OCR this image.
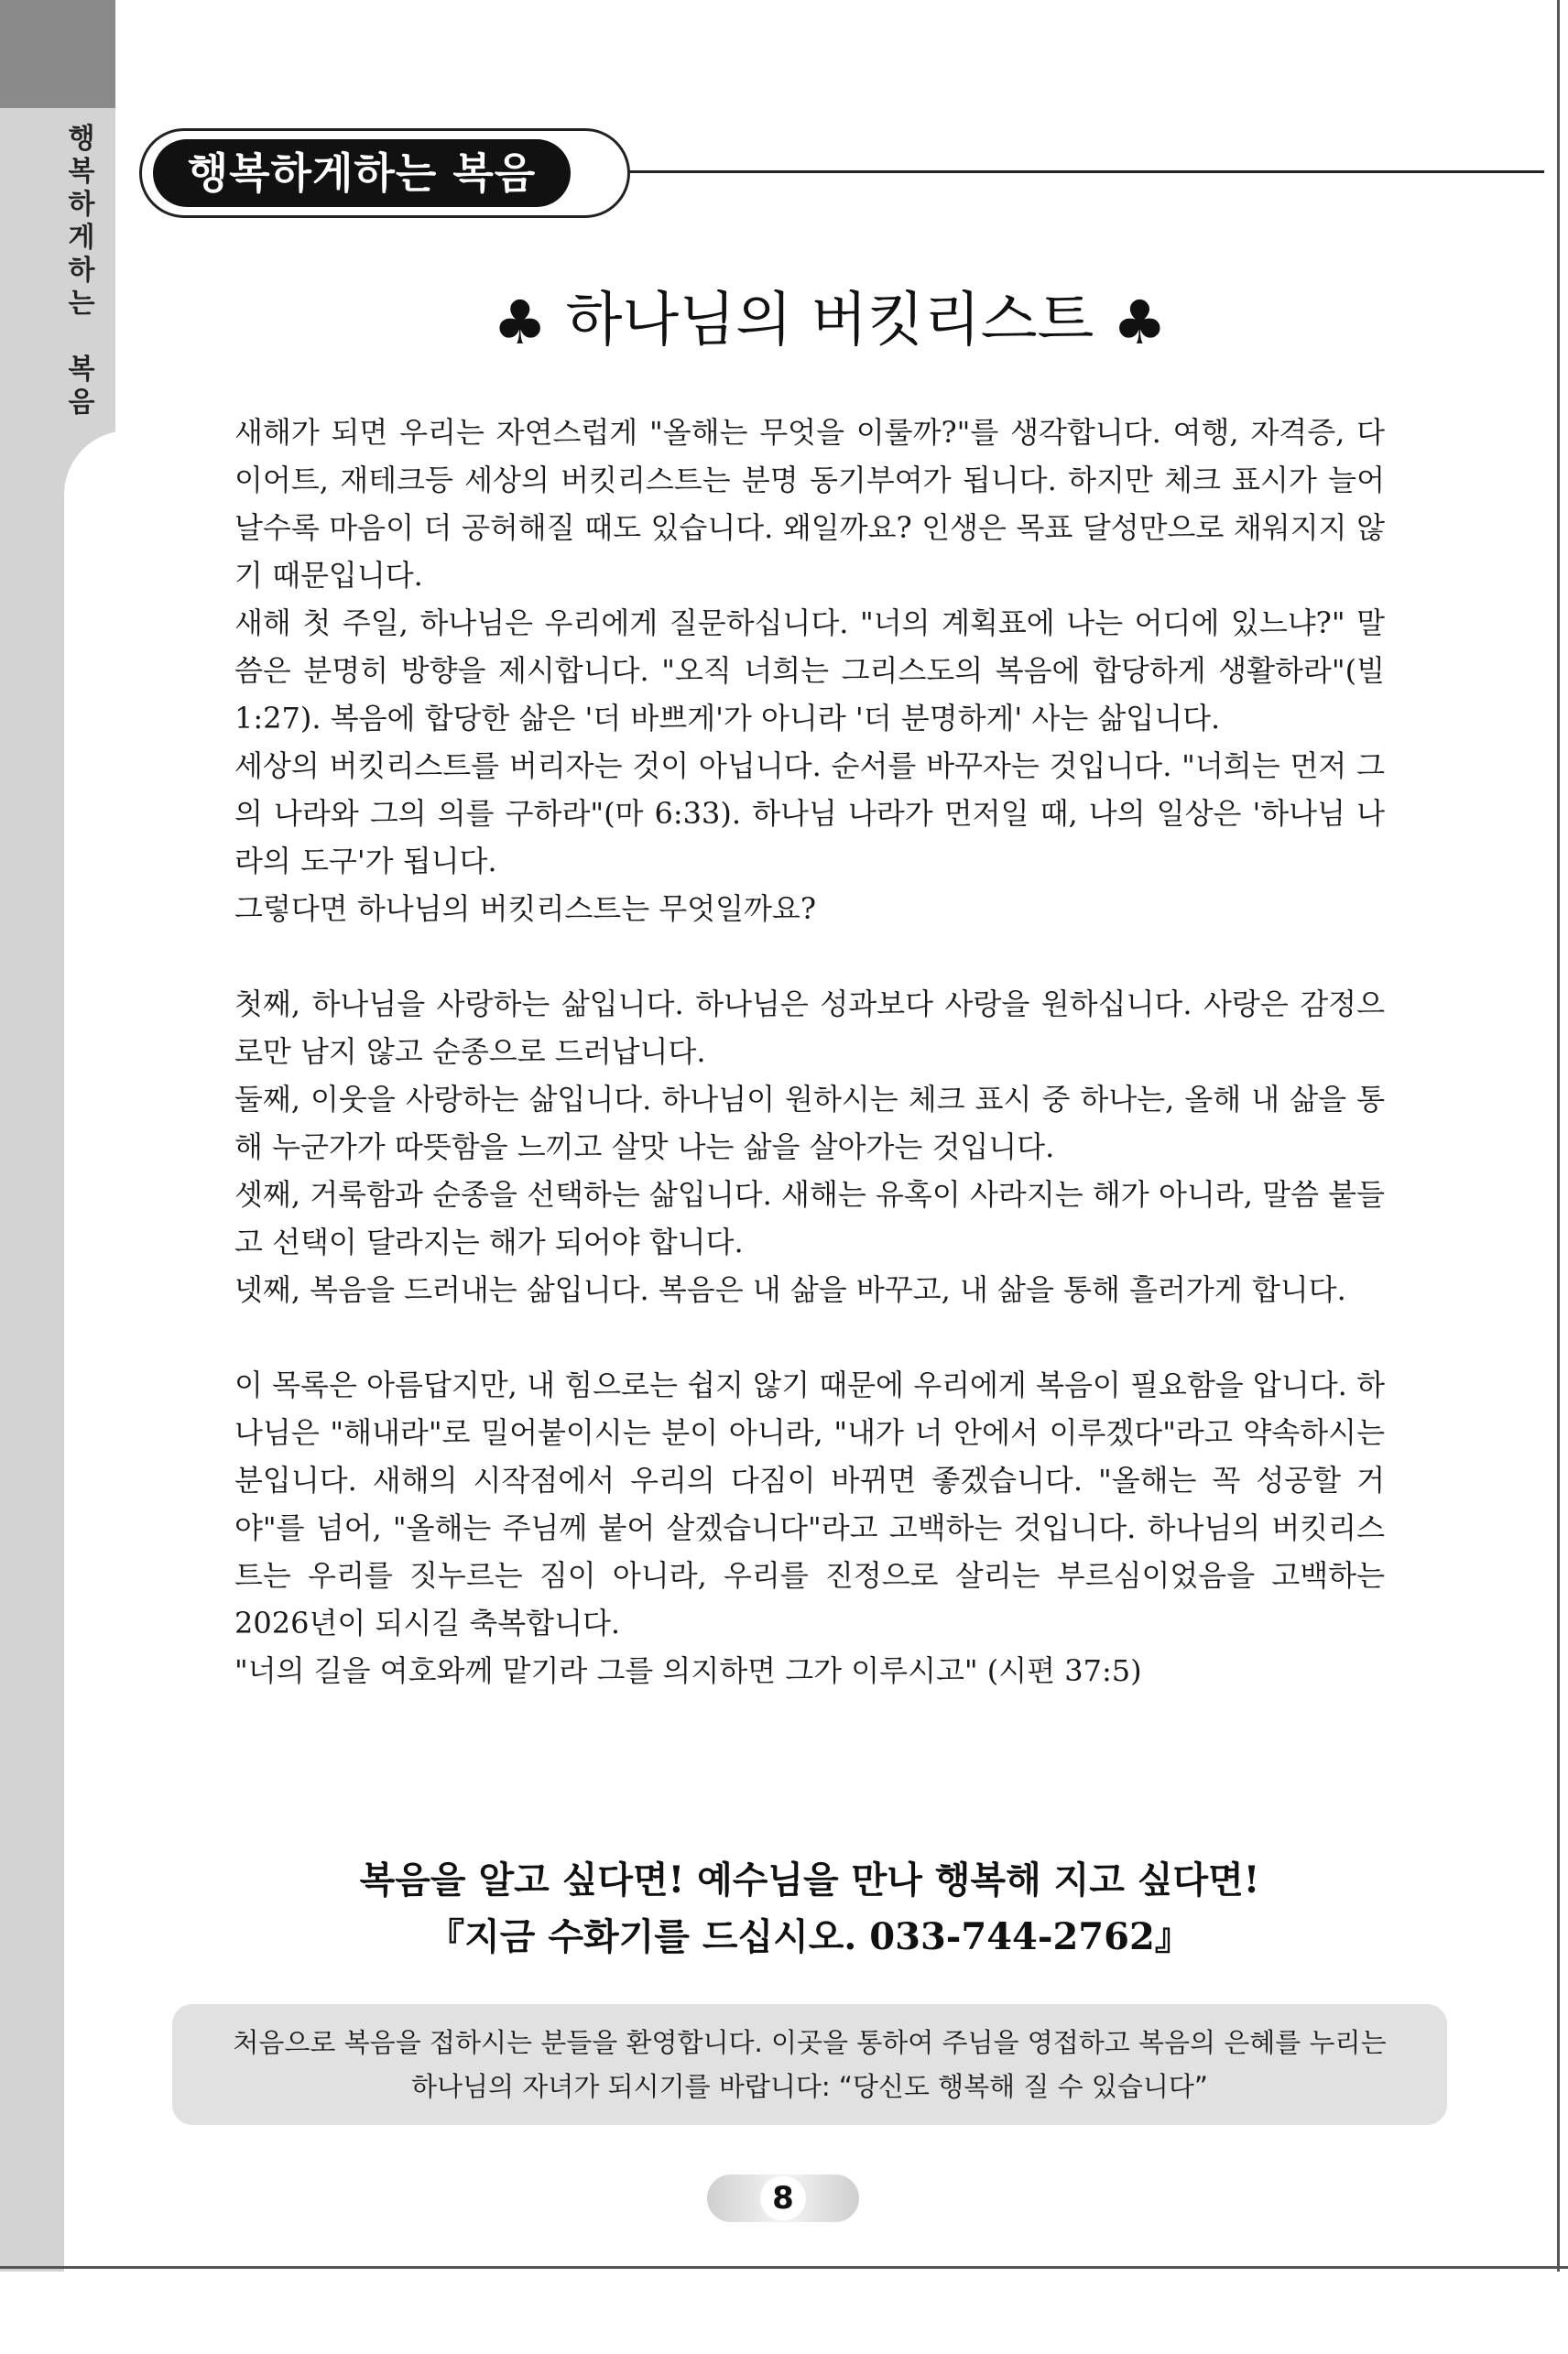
행
복
하
게
하
는

복
음
행복하게하는 복음
♣ 하나님의 버킷리스트 ♣

새해가 되면 우리는 자연스럽게 "올해는 무엇을 이룰까?"를 생각합니다. 여행, 자격증, 다이어트, 재테크등 세상의 버킷리스트는 분명 동기부여가 됩니다. 하지만 체크 표시가 늘어날수록 마음이 더 공허해질 때도 있습니다. 왜일까요? 인생은 목표 달성만으로 채워지지 않기 때문입니다.

새해 첫 주일, 하나님은 우리에게 질문하십니다. "너의 계획표에 나는 어디에 있느냐?" 말씀은 분명히 방향을 제시합니다. "오직 너희는 그리스도의 복음에 합당하게 생활하라"(빌 1:27). 복음에 합당한 삶은 '더 바쁘게'가 아니라 '더 분명하게' 사는 삶입니다.

세상의 버킷리스트를 버리자는 것이 아닙니다. 순서를 바꾸자는 것입니다. "너희는 먼저 그의 나라와 그의 의를 구하라"(마 6:33). 하나님 나라가 먼저일 때, 나의 일상은 '하나님 나라의 도구'가 됩니다.

그렇다면 하나님의 버킷리스트는 무엇일까요?

첫째, 하나님을 사랑하는 삶입니다. 하나님은 성과보다 사랑을 원하십니다. 사랑은 감정으로만 남지 않고 순종으로 드러납니다.

둘째, 이웃을 사랑하는 삶입니다. 하나님이 원하시는 체크 표시 중 하나는, 올해 내 삶을 통해 누군가가 따뜻함을 느끼고 살맛 나는 삶을 살아가는 것입니다.

셋째, 거룩함과 순종을 선택하는 삶입니다. 새해는 유혹이 사라지는 해가 아니라, 말씀 붙들고 선택이 달라지는 해가 되어야 합니다.

넷째, 복음을 드러내는 삶입니다. 복음은 내 삶을 바꾸고, 내 삶을 통해 흘러가게 합니다.

이 목록은 아름답지만, 내 힘으로는 쉽지 않기 때문에 우리에게 복음이 필요함을 압니다. 하나님은 "해내라"로 밀어붙이시는 분이 아니라, "내가 너 안에서 이루겠다"라고 약속하시는 분입니다. 새해의 시작점에서 우리의 다짐이 바뀌면 좋겠습니다. "올해는 꼭 성공할 거야"를 넘어, "올해는 주님께 붙어 살겠습니다"라고 고백하는 것입니다. 하나님의 버킷리스트는 우리를 짓누르는 짐이 아니라, 우리를 진정으로 살리는 부르심이었음을 고백하는 2026년이 되시길 축복합니다.

"너의 길을 여호와께 맡기라 그를 의지하면 그가 이루시고" (시편 37:5)

복음을 알고 싶다면! 예수님을 만나 행복해 지고 싶다면!
『지금 수화기를 드십시오. 033-744-2762』
처음으로 복음을 접하시는 분들을 환영합니다. 이곳을 통하여 주님을 영접하고 복음의 은혜를 누리는
하나님의 자녀가 되시기를 바랍니다: “당신도 행복해 질 수 있습니다”
8
